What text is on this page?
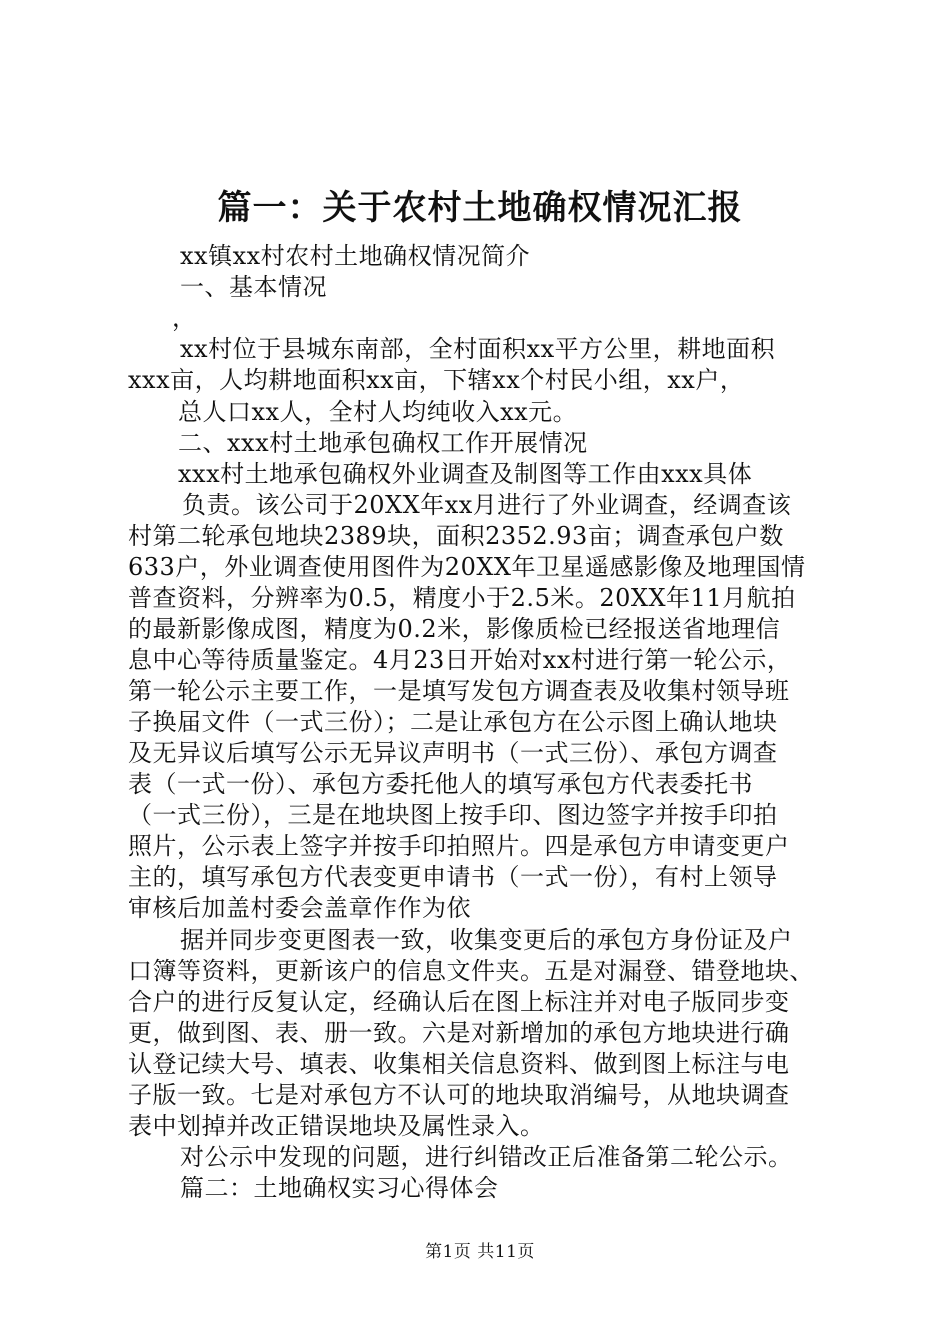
篇一：关于农村土地确权情况汇报
xx镇xx村农村土地确权情况简介
一、基本情况
，
xx村位于县城东南部，全村面积xx平方公里，耕地面积
xxx亩，人均耕地面积xx亩，下辖xx个村民小组，xx户，
总人口xx人，全村人均纯收入xx元。
二、xxx村土地承包确权工作开展情况
xxx村土地承包确权外业调查及制图等工作由xxx具体
负责。该公司于20XX年xx月进行了外业调查，经调查该
村第二轮承包地块2389块，面积2352.93亩；调查承包户数
633户，外业调查使用图件为20XX年卫星遥感影像及地理国情
普查资料，分辨率为0.5，精度小于2.5米。20XX年11月航拍
的最新影像成图，精度为0.2米，影像质检已经报送省地理信
息中心等待质量鉴定。4月23日开始对xx村进行第一轮公示，
第一轮公示主要工作，一是填写发包方调查表及收集村领导班
子换届文件（一式三份）；二是让承包方在公示图上确认地块
及无异议后填写公示无异议声明书（一式三份）、承包方调查
表（一式一份）、承包方委托他人的填写承包方代表委托书
（一式三份），三是在地块图上按手印、图边签字并按手印拍
照片，公示表上签字并按手印拍照片。四是承包方申请变更户
主的，填写承包方代表变更申请书（一式一份），有村上领导
审核后加盖村委会盖章作作为依
据并同步变更图表一致，收集变更后的承包方身份证及户
口簿等资料，更新该户的信息文件夹。五是对漏登、错登地块、
合户的进行反复认定，经确认后在图上标注并对电子版同步变
更，做到图、表、册一致。六是对新增加的承包方地块进行确
认登记续大号、填表、收集相关信息资料、做到图上标注与电
子版一致。七是对承包方不认可的地块取消编号，从地块调查
表中划掉并改正错误地块及属性录入。
对公示中发现的问题，进行纠错改正后准备第二轮公示。
篇二：土地确权实习心得体会
第1页 共11页
